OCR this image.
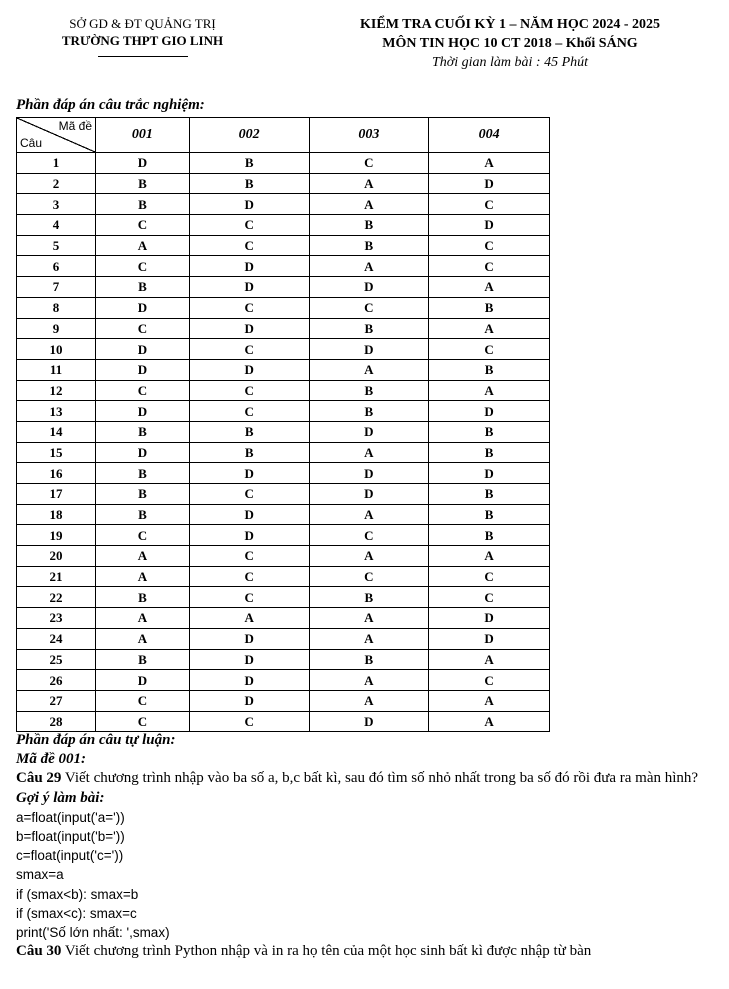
SỞ GD & ĐT QUẢNG TRỊ
TRƯỜNG THPT GIO LINH
KIỂM TRA CUỐI KỲ 1 – NĂM HỌC 2024 - 2025
MÔN TIN HỌC 10 CT 2018 – Khối SÁNG
Thời gian làm bài : 45 Phút
Phần đáp án câu trắc nghiệm:
Mã đề
Câu	001	002	003	004
1	D	B	C	A
2	B	B	A	D
3	B	D	A	C
4	C	C	B	D
5	A	C	B	C
6	C	D	A	C
7	B	D	D	A
8	D	C	C	B
9	C	D	B	A
10	D	C	D	C
11	D	D	A	B
12	C	C	B	A
13	D	C	B	D
14	B	B	D	B
15	D	B	A	B
16	B	D	D	D
17	B	C	D	B
18	B	D	A	B
19	C	D	C	B
20	A	C	A	A
21	A	C	C	C
22	B	C	B	C
23	A	A	A	D
24	A	D	A	D
25	B	D	B	A
26	D	D	A	C
27	C	D	A	A
28	C	C	D	A
Phần đáp án câu tự luận:
Mã đề 001:
Câu 29 Viết chương trình nhập vào ba số a, b,c bất kì, sau đó tìm số nhỏ nhất trong ba số đó rồi đưa ra màn hình?
Gợi ý làm bài:
a=float(input('a='))
b=float(input('b='))
c=float(input('c='))
smax=a
if (smax<b): smax=b
if (smax<c): smax=c
print('Số lớn nhất: ',smax)
Câu 30 Viết chương trình Python nhập và in ra họ tên của một học sinh bất kì được nhập từ bàn
